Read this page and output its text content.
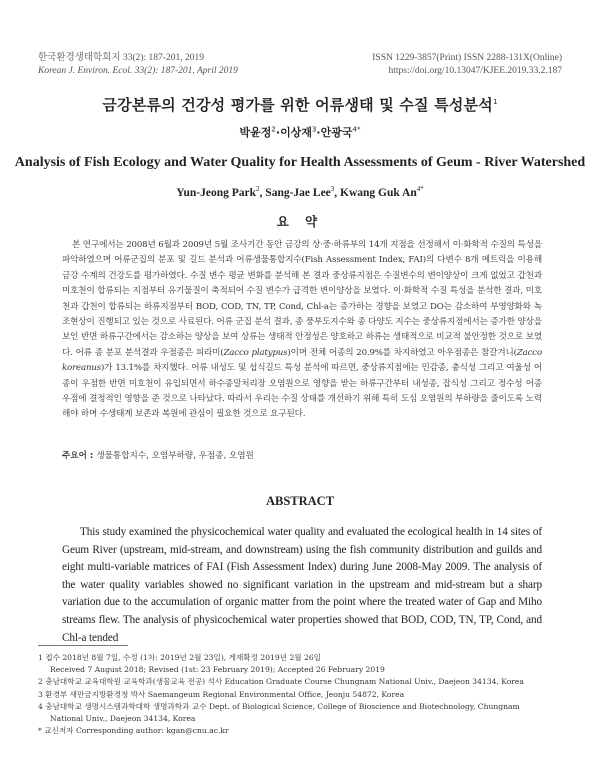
한국환경생태학회지 33(2): 187-201, 2019
Korean J. Environ. Ecol. 33(2): 187-201, April 2019
ISSN 1229-3857(Print) ISSN 2288-131X(Online)
https://doi.org/10.13047/KJEE.2019.33.2.187
금강본류의 건강성 평가를 위한 어류생태 및 수질 특성분석$^1$
박윤정$^2$·이상재$^3$·안광국$^{4*}$
Analysis of Fish Ecology and Water Quality for Health Assessments of Geum - River Watershed
Yun-Jeong Park$^2$, Sang-Jae Lee$^3$, Kwang Guk $An^{4*}$
요 약
본 연구에서는 2008년 6월과 2009년 5월 조사기간 동안 금강의 상·중·하류부의 14개 지점을 선정해서 이·화학적 수질의 특성을 파악하였으며 어류군집의 분포 및 길드 분석과 어류생물통합지수(Fish Assessment Index, FAI)의 다변수 8개 메트릭을 이용해 금강 수계의 건강도를 평가하였다. 수질 변수 평균 변화를 분석해 본 결과 중상류지점은 수질변수의 변이양상이 크게 없었고 갑천과 미호천이 합류되는 지점부터 유기물질이 축적되어 수질 변수가 급격한 변이양상을 보였다. 이·화학적 수질 특성을 분석한 결과, 미호천과 갑천이 합류되는 하류지점부터 BOD, COD, TN, TP, Cond, Chl-a는 증가하는 경향을 보였고 DO는 감소하여 부영양화와 녹조현상이 진행되고 있는 것으로 사료된다. 어류 군집 분석 결과, 종 풍부도지수와 종 다양도 지수는 중상류지점에서는 증가한 양상을 보인 반면 하류구간에서는 감소하는 양상을 보여 상류는 생태적 안정성은 양호하고 하류는 생태적으로 비교적 불안정한 것으로 보였다. 어류 종 분포 분석결과 우점종은 피라미(Zacco platypus)이며 전체 어종의 20.9%를 차지하였고 아우점종은 참갈겨니(Zacco koreanus)가 13.1%를 차지했다. 어류 내성도 및 섭식길드 특성 분석에 따르면, 중상류지점에는 민감종, 충식성 그리고 여울성 어종이 우점한 반면 미호천이 유입되면서 하수종말처리장 오염원으로 영향을 받는 하류구간부터 내성종, 잡식성 그리고 정수성 어종 우점에 결정적인 영향을 준 것으로 나타났다. 따라서 우리는 수질 상태를 개선하기 위해 특히 도심 오염원의 부하량을 줄이도록 노력해야 하며 수생태계 보존과 복원에 관심이 필요한 것으로 요구된다.
주요어 : 생물통합지수, 오염부하량, 우점종, 오염원
ABSTRACT
This study examined the physicochemical water quality and evaluated the ecological health in 14 sites of Geum River (upstream, mid-stream, and downstream) using the fish community distribution and guilds and eight multi-variable matrices of FAI (Fish Assessment Index) during June 2008-May 2009. The analysis of the water quality variables showed no significant variation in the upstream and mid-stream but a sharp variation due to the accumulation of organic matter from the point where the treated water of Gap and Miho streams flew. The analysis of physicochemical water properties showed that BOD, COD, TN, TP, Cond, and Chl-a tended
1 접수 2018년 8월 7일, 수정 (1차: 2019년 2월 23일), 게재확정 2019년 2월 26일
Received 7 August 2018; Revised (1st: 23 February 2019); Accepted 26 February 2019
2 충남대학교 교육대학원 교육학과(생물교육 전공) 석사 Education Graduate Course Chungnam National Univ., Daejeon 34134, Korea
3 환경부 새만금지방환경청 박사 Saemangeum Regional Environmental Office, Jeonju 54872, Korea
4 충남대학교 생명시스템과학대학 생명과학과 교수 Dept. of Biological Science, College of Bioscience and Biotechnology, Chungnam
National Univ., Daejeon 34134, Korea
* 교신저자 Corresponding author: kgan@cnu.ac.kr
